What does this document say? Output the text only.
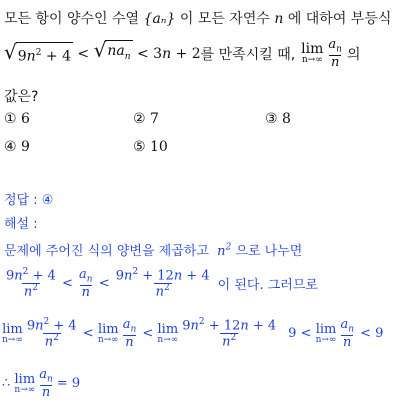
모든 항이 양수인 수열 {aₙ} 이 모든 자연수 n 에 대하여 부등식
√ $9n^2 + 4$ < √ $na_n < 3n + 2$ 를 만족시킬 때, lim
$n\to\infty \frac{a_n}{n}$ 의
값은?
① 6	② 7	③ 8
④ 9	⑤ 10
정답 : ④
해설 :
문제에 주어진 식의 양변을 제곱하고  $n^2$ 으로 나누면
$\frac{9n^2 + 4}{n^2} < \frac{a_n}{n} < \frac{9n^2 + 12n + 4}{n^2}$ 이 된다. 그러므로
lim
$n\to\infty \frac{9n^2 + 4}{n^2} < \lim$
$n\to\infty \frac{a_n}{n} < \lim$
$n\to\infty \frac{9n^2 + 12n + 4}{n^2} 9 < \lim$
$n\to\infty \frac{a_n}{n} < 9$
∴ lim
$n\to\infty \frac{a_n}{n} = 9$
